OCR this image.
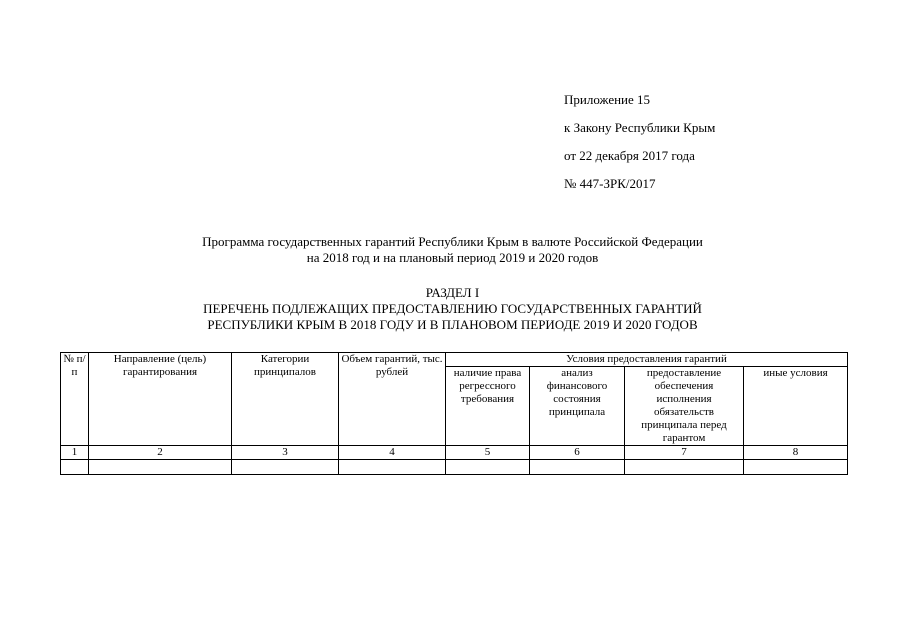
Приложение 15
к Закону Республики Крым
от 22 декабря 2017 года
№ 447-ЗРК/2017
Программа государственных гарантий Республики Крым в валюте Российской Федерации
на 2018 год и на плановый период 2019 и 2020 годов
РАЗДЕЛ I
ПЕРЕЧЕНЬ ПОДЛЕЖАЩИХ ПРЕДОСТАВЛЕНИЮ ГОСУДАРСТВЕННЫХ ГАРАНТИЙ
РЕСПУБЛИКИ КРЫМ В 2018 ГОДУ И В ПЛАНОВОМ ПЕРИОДЕ 2019 И 2020 ГОДОВ
№ п/п	Направление (цель) гарантирования	Категории принципалов	Объем гарантий, тыс. рублей	Условия предоставления гарантий			
				наличие права регрессного требования	анализ финансового состояния принципала	предоставление обеспечения исполнения обязательств принципала перед гарантом	иные условия
1	2	3	4	5	6	7	8
